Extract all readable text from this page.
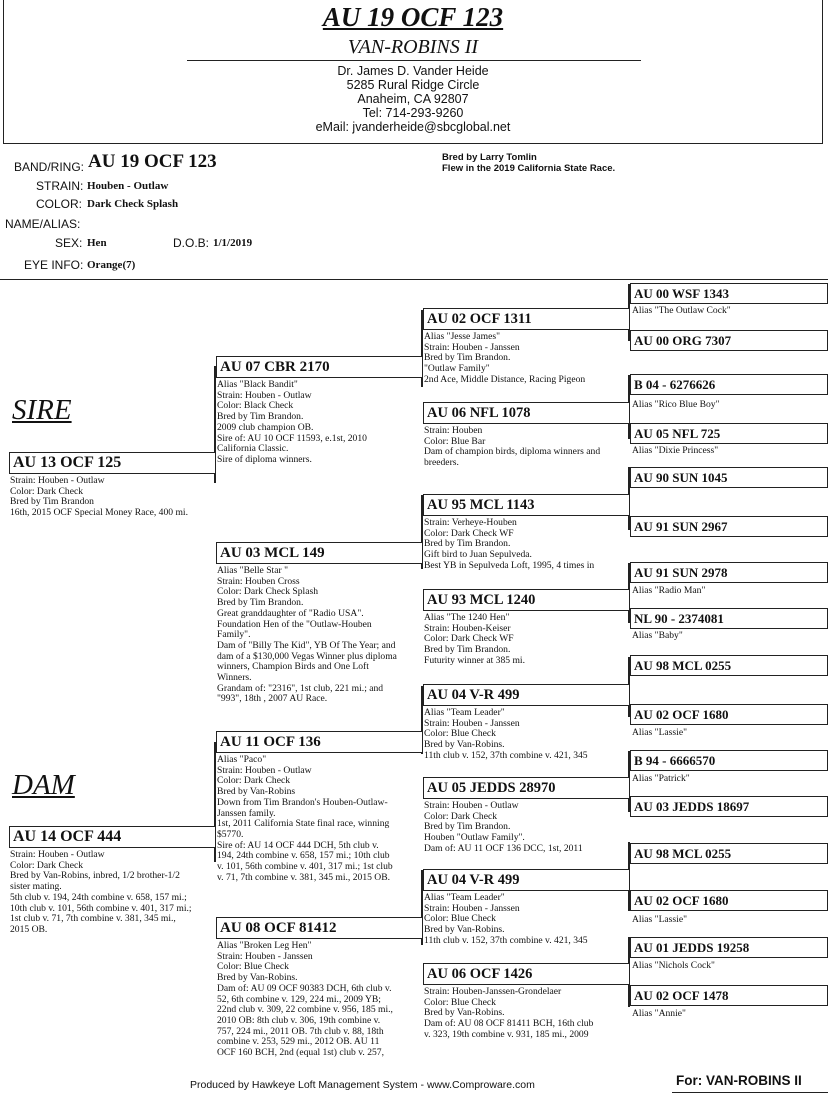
AU 19 OCF 123
VAN-ROBINS II
Dr. James D. Vander Heide
5285 Rural Ridge Circle
Anaheim, CA 92807
Tel: 714-293-9260
eMail: jvanderheide@sbcglobal.net
BAND/RING: AU 19 OCF 123
STRAIN: Houben - Outlaw
COLOR: Dark Check Splash
NAME/ALIAS:
SEX: Hen	D.O.B: 1/1/2019
EYE INFO: Orange(7)
Bred by Larry Tomlin
Flew in the 2019 California State Race.
SIRE
DAM
AU 13 OCF 125
Strain: Houben - Outlaw
Color: Dark Check
Bred by Tim Brandon
16th, 2015 OCF Special Money Race, 400 mi.
AU 14 OCF 444
Strain: Houben - Outlaw
Color: Dark Check
Bred by Van-Robins, inbred, 1/2 brother-1/2
sister mating.
5th club v. 194, 24th combine v. 658, 157 mi.;
10th club v. 101, 56th combine v. 401, 317 mi.;
1st club v. 71, 7th combine v. 381, 345 mi.,
2015 OB.
AU 07 CBR 2170
Alias "Black Bandit"
Strain: Houben - Outlaw
Color: Black Check
Bred by Tim Brandon.
2009 club champion OB.
Sire of: AU 10 OCF 11593, e.1st, 2010
California Classic.
Sire of diploma winners.
AU 03 MCL 149
Alias "Belle Star "
Strain: Houben Cross
Color: Dark Check Splash
Bred by Tim Brandon.
Great granddaughter of "Radio USA".
Foundation Hen of the "Outlaw-Houben
Family".
Dam of "Billy The Kid", YB Of The Year; and
dam of a $130,000 Vegas Winner plus diploma
winners, Champion Birds and One Loft
Winners.
Grandam of: "2316", 1st club, 221 mi.; and
"993", 18th , 2007 AU Race.
AU 11 OCF 136
Alias "Paco"
Strain: Houben - Outlaw
Color: Dark Check
Bred by Van-Robins
Down from Tim Brandon's Houben-Outlaw-
Janssen family.
1st, 2011 California State final race, winning
$5770.
Sire of: AU 14 OCF 444 DCH, 5th club v.
194, 24th combine v. 658, 157 mi.; 10th club
v. 101, 56th combine v. 401, 317 mi.; 1st club
v. 71, 7th combine v. 381, 345 mi., 2015 OB.
AU 08 OCF 81412
Alias "Broken Leg Hen"
Strain: Houben - Janssen
Color: Blue Check
Bred by Van-Robins.
Dam of: AU 09 OCF 90383 DCH, 6th club v.
52, 6th combine v. 129, 224 mi., 2009 YB;
22nd club v. 309, 22 combine v. 956, 185 mi.,
2010 OB: 8th club v. 306, 19th combine v.
757, 224 mi., 2011 OB. 7th club v. 88, 18th
combine v. 253, 529 mi., 2012 OB. AU 11
OCF 160 BCH, 2nd (equal 1st) club v. 257,
AU 02 OCF 1311
Alias "Jesse James"
Strain: Houben - Janssen
Bred by Tim Brandon.
"Outlaw Family"
2nd Ace, Middle Distance, Racing Pigeon
AU 06 NFL 1078
Strain: Houben
Color: Blue Bar
Dam of champion birds, diploma winners and
breeders.
AU 95 MCL 1143
Strain: Verheye-Houben
Color: Dark Check WF
Bred by Tim Brandon.
Gift bird to Juan Sepulveda.
Best YB in Sepulveda Loft, 1995, 4 times in
AU 93 MCL 1240
Alias "The 1240 Hen"
Strain: Houben-Keiser
Color: Dark Check WF
Bred by Tim Brandon.
Futurity winner at 385 mi.
AU 04 V-R 499
Alias "Team Leader"
Strain: Houben - Janssen
Color: Blue Check
Bred by Van-Robins.
11th club v. 152, 37th combine v. 421, 345
AU 05 JEDDS 28970
Strain: Houben - Outlaw
Color: Dark Check
Bred by Tim Brandon.
Houben "Outlaw Family".
Dam of: AU 11 OCF 136 DCC, 1st, 2011
AU 04 V-R 499
Alias "Team Leader"
Strain: Houben - Janssen
Color: Blue Check
Bred by Van-Robins.
11th club v. 152, 37th combine v. 421, 345
AU 06 OCF 1426
Strain: Houben-Janssen-Grondelaer
Color: Blue Check
Bred by Van-Robins.
Dam of: AU 08 OCF 81411 BCH, 16th club
v. 323, 19th combine v. 931, 185 mi., 2009
AU 00 WSF 1343
Alias "The Outlaw Cock"
AU 00 ORG 7307
B 04 - 6276626
Alias "Rico Blue Boy"
AU 05 NFL 725
Alias "Dixie Princess"
AU 90 SUN 1045
AU 91 SUN 2967
AU 91 SUN 2978
Alias "Radio Man"
NL 90 - 2374081
Alias "Baby"
AU 98 MCL 0255
AU 02 OCF 1680
Alias "Lassie"
B 94 - 6666570
Alias "Patrick"
AU 03 JEDDS 18697
AU 98 MCL 0255
AU 02 OCF 1680
Alias "Lassie"
AU 01 JEDDS 19258
Alias "Nichols Cock"
AU 02 OCF 1478
Alias "Annie"
Produced by Hawkeye Loft Management System - www.Comproware.com	For: VAN-ROBINS II
